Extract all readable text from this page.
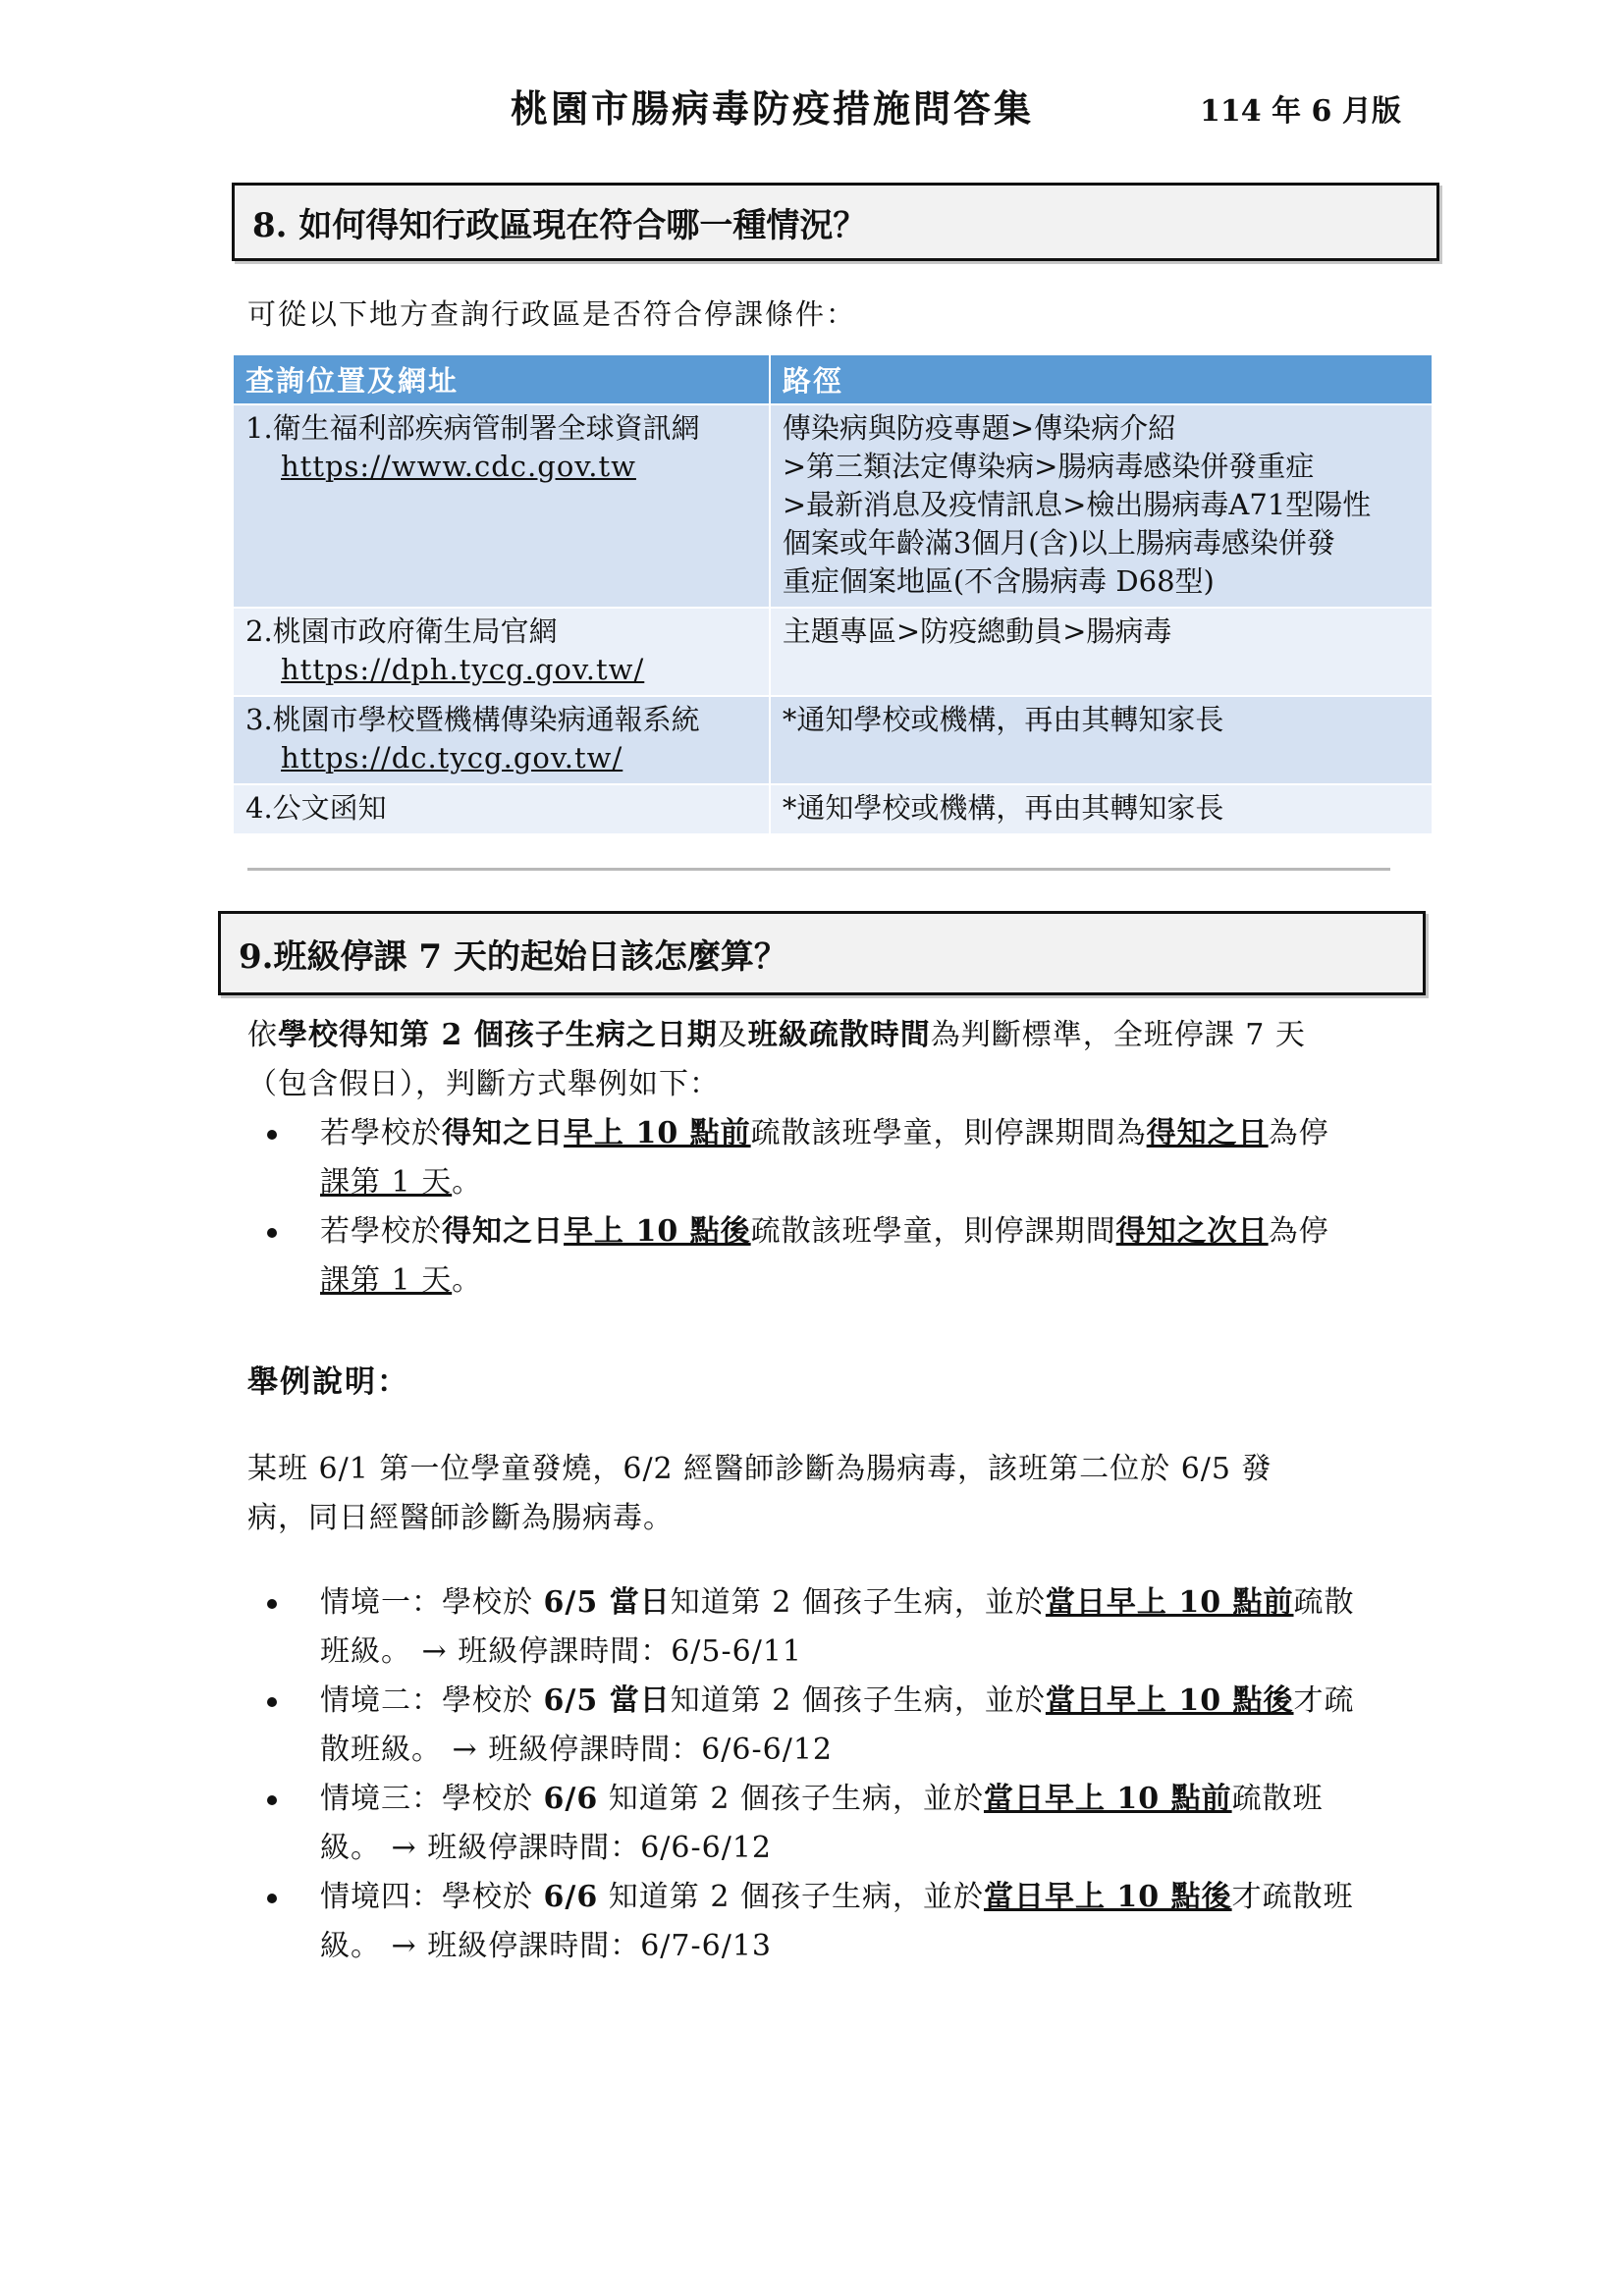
桃園市腸病毒防疫措施問答集	114 年 6 月版
8. 如何得知行政區現在符合哪一種情況？
可從以下地方查詢行政區是否符合停課條件：
查詢位置及網址	路徑
1.衛生福利部疾病管制署全球資訊網
https://www.cdc.gov.tw	傳染病與防疫專題>傳染病介紹
>第三類法定傳染病>腸病毒感染併發重症
>最新消息及疫情訊息>檢出腸病毒A71型陽性
個案或年齡滿3個月(含)以上腸病毒感染併發
重症個案地區(不含腸病毒 D68型)

2.桃園市政府衛生局官網
https://dph.tycg.gov.tw/	主題專區>防疫總動員>腸病毒

3.桃園市學校暨機構傳染病通報系統
https://dc.tycg.gov.tw/	*通知學校或機構，再由其轉知家長

4.公文函知	*通知學校或機構，再由其轉知家長
9.班級停課 7 天的起始日該怎麼算？
依學校得知第 2 個孩子生病之日期及班級疏散時間為判斷標準，全班停課 7 天
（包含假日），判斷方式舉例如下：
若學校於得知之日早上 10 點前疏散該班學童，則停課期間為得知之日為停
課第 1 天。
若學校於得知之日早上 10 點後疏散該班學童，則停課期間得知之次日為停
課第 1 天。
舉例說明：
某班 6/1 第一位學童發燒，6/2 經醫師診斷為腸病毒，該班第二位於 6/5 發
病，同日經醫師診斷為腸病毒。
情境一：學校於 6/5 當日知道第 2 個孩子生病，並於當日早上 10 點前疏散
班級。 → 班級停課時間：6/5-6/11
情境二：學校於 6/5 當日知道第 2 個孩子生病，並於當日早上 10 點後才疏
散班級。 → 班級停課時間：6/6-6/12
情境三：學校於 6/6 知道第 2 個孩子生病，並於當日早上 10 點前疏散班
級。 → 班級停課時間：6/6-6/12
情境四：學校於 6/6 知道第 2 個孩子生病，並於當日早上 10 點後才疏散班
級。 → 班級停課時間：6/7-6/13
